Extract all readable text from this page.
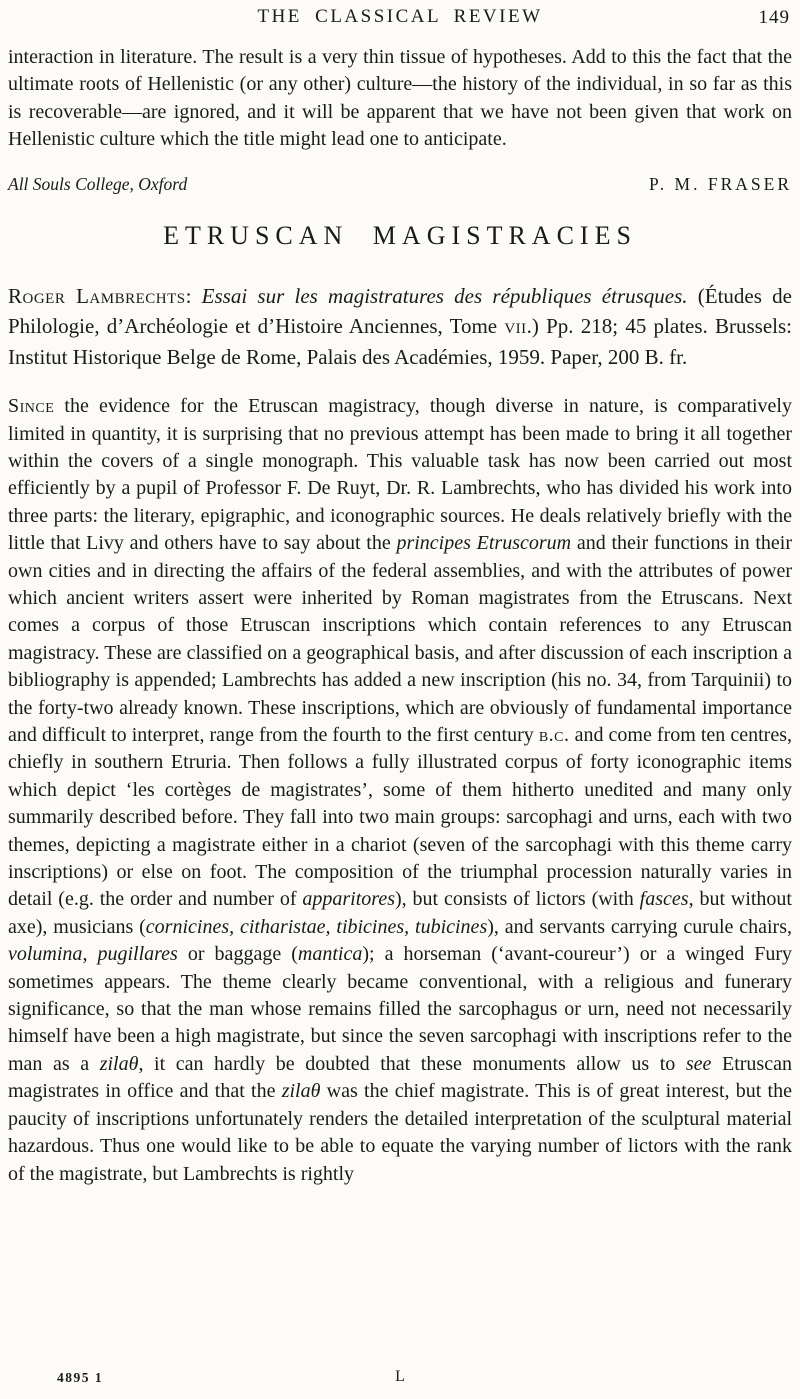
THE CLASSICAL REVIEW	149

interaction in literature. The result is a very thin tissue of hypotheses. Add to this the fact that the ultimate roots of Hellenistic (or any other) culture—the history of the individual, in so far as this is recoverable—are ignored, and it will be apparent that we have not been given that work on Hellenistic culture which the title might lead one to anticipate.

All Souls College, Oxford	P. M. FRASER
ETRUSCAN MAGISTRACIES

Roger Lambrechts: Essai sur les magistratures des républiques étrusques. (Études de Philologie, d’Archéologie et d’Histoire Anciennes, Tome vii.) Pp. 218; 45 plates. Brussels: Institut Historique Belge de Rome, Palais des Académies, 1959. Paper, 200 B. fr.

Since the evidence for the Etruscan magistracy, though diverse in nature, is comparatively limited in quantity, it is surprising that no previous attempt has been made to bring it all together within the covers of a single monograph. This valuable task has now been carried out most efficiently by a pupil of Professor F. De Ruyt, Dr. R. Lambrechts, who has divided his work into three parts: the literary, epigraphic, and iconographic sources. He deals relatively briefly with the little that Livy and others have to say about the principes Etruscorum and their functions in their own cities and in directing the affairs of the federal assemblies, and with the attributes of power which ancient writers assert were inherited by Roman magistrates from the Etruscans. Next comes a corpus of those Etruscan inscriptions which contain references to any Etruscan magistracy. These are classified on a geographical basis, and after discussion of each inscription a bibliography is appended; Lambrechts has added a new inscription (his no. 34, from Tarquinii) to the forty-two already known. These inscriptions, which are obviously of fundamental importance and difficult to interpret, range from the fourth to the first century b.c. and come from ten centres, chiefly in southern Etruria. Then follows a fully illustrated corpus of forty iconographic items which depict ‘les cortèges de magistrates’, some of them hitherto unedited and many only summarily described before. They fall into two main groups: sarcophagi and urns, each with two themes, depicting a magistrate either in a chariot (seven of the sarcophagi with this theme carry inscriptions) or else on foot. The composition of the triumphal procession naturally varies in detail (e.g. the order and number of apparitores), but consists of lictors (with fasces, but without axe), musicians (cornicines, citharistae, tibicines, tubicines), and servants carrying curule chairs, volumina, pugillares or baggage (mantica); a horseman (‘avant-coureur’) or a winged Fury sometimes appears. The theme clearly became conventional, with a religious and funerary significance, so that the man whose remains filled the sarcophagus or urn, need not necessarily himself have been a high magistrate, but since the seven sarcophagi with inscriptions refer to the man as a zilaθ, it can hardly be doubted that these monuments allow us to see Etruscan magistrates in office and that the zilaθ was the chief magistrate. This is of great interest, but the paucity of inscriptions unfortunately renders the detailed interpretation of the sculptural material hazardous. Thus one would like to be able to equate the varying number of lictors with the rank of the magistrate, but Lambrechts is rightly

4895 1	L
